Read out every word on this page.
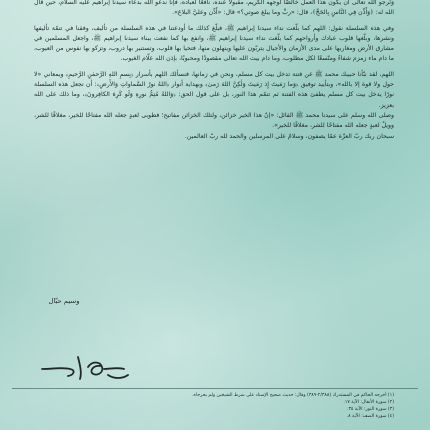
وَنَرجو الله تعالى أن يكون هذا العمل خالصًا لوجهه الكريم، مقبولًا عنده، نافعًا لعباده، فإنا ندعو الله بدعاء سيدنا إبراهيم عليه السلام، حين قال الله له: ﴿وَأَذِّن فِي النَّاسِ بِالحَجِّ﴾، قال: «ربِّ وما يبلغ صوتي؟» قال: «أَذِّن وعليَّ البلاغ».

وفي هذه السلسلة نقول: اللهم كما بلّغت نداء سيدنا إبراهيم ﷺ، فبلّغ كذلك ما أودعتنا في هذه السلسلة من تأليف، وفقنا في تتمّة تأليفها ونشرها، وبلّغها قلوب عبادك وأرواحهم كما بلّغت نداء سيدنا إبراهيم ﷺ، وانفع بها كما نفعت ببناء سيدنا إبراهيم ﷺ، واجعل المسلمين في مشارق الأرض ومغاربها على مدى الأزمان والأجيال يتربّون عليها وينهلون منها، فتحيا بها قلوب، وتستنير بها دروب، وتزكو بها نفوس من العيوب، ما دام ماء زمزم شفاءً ومتّسعًا لكل مطلوب، وما دام بيت الله تعالى مقصودًا ومحبوبًا، بإذن الله علّام الغيوب.

اللهم، لقد نبّأنا حبيبك محمد ﷺ عن فتنة تدخل بيت كل مسلم، ونحن في زمانها، فنسألك اللهم بأسرار ﴿بِسمِ اللهِ الرَّحمٰنِ الرَّحيمِ﴾ وبمعاني «لا حول ولا قوة إلا بالله»، وبتأييد توفيق ﴿وَما رَمَيتَ إِذ رَمَيتَ وَلٰكِنَّ اللهَ رَمىٰ﴾ وبهداية أنوار ﴿اللهُ نورُ السَّماواتِ وَالأَرضِ﴾: أن تجعل هذه السلسلة نورًا يدخل بيت كل مسلم يطفئ هذه الفتنة ثم تتمّم هذا النور، بل على قول الحق: ﴿وَاللهُ مُتِمُّ نورِهِ وَلَو كَرِهَ الكافِرونَ﴾، وما ذلك على الله بعزيز.

وصلى الله وسلم على سيدنا محمد ﷺ القائل: «إنّ هذا الخير خزائن، ولتلك الخزائن مفاتيح؛ فطوبى لعبدٍ جعله الله مفتاحًا للخير، مغلاقًا للشر، وويلٌ لعبدٍ جعله الله مفتاحًا للشر، مغلاقًا للخير».

سبحان ربك ربّ العزّة عمّا يصفون، وسلامٌ على المرسلين والحمد لله ربّ العالمين.

وسيم حبّال
(١) أخرجه الحاكم في المستدرك (٢/٣٨٨-٣٨٩) وقال: حديث صحيح الإسناد على شرط الشيخين ولم يخرجاه.
(٢) سورة الأنفال: الآية ١٧.
(٣) سورة النور: الآية ٣٥.
(٤) سورة الصف: الآية ٨.
